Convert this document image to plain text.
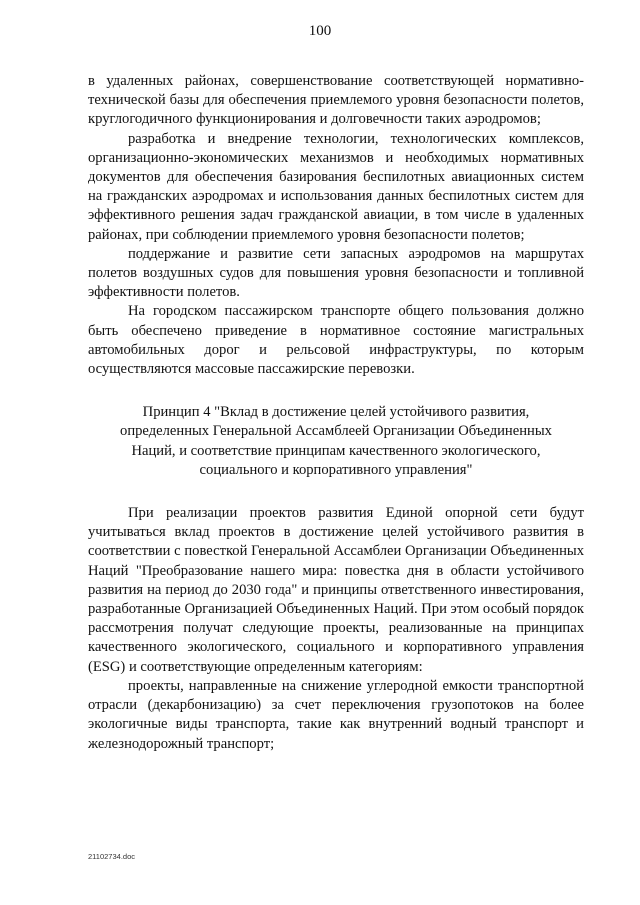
100

в удаленных районах, совершенствование соответствующей нормативно-технической базы для обеспечения приемлемого уровня безопасности полетов, круглогодичного функционирования и долговечности таких аэродромов;

разработка и внедрение технологии, технологических комплексов, организационно-экономических механизмов и необходимых нормативных документов для обеспечения базирования беспилотных авиационных систем на гражданских аэродромах и использования данных беспилотных систем для эффективного решения задач гражданской авиации, в том числе в удаленных районах, при соблюдении приемлемого уровня безопасности полетов;

поддержание и развитие сети запасных аэродромов на маршрутах полетов воздушных судов для повышения уровня безопасности и топливной эффективности полетов.

На городском пассажирском транспорте общего пользования должно быть обеспечено приведение в нормативное состояние магистральных автомобильных дорог и рельсовой инфраструктуры, по которым осуществляются массовые пассажирские перевозки.

Принцип 4 "Вклад в достижение целей устойчивого развития,
определенных Генеральной Ассамблеей Организации Объединенных
Наций, и соответствие принципам качественного экологического,
социального и корпоративного управления"

При реализации проектов развития Единой опорной сети будут учитываться вклад проектов в достижение целей устойчивого развития в соответствии с повесткой Генеральной Ассамблеи Организации Объединенных Наций "Преобразование нашего мира: повестка дня в области устойчивого развития на период до 2030 года" и принципы ответственного инвестирования, разработанные Организацией Объединенных Наций. При этом особый порядок рассмотрения получат следующие проекты, реализованные на принципах качественного экологического, социального и корпоративного управления (ESG) и соответствующие определенным категориям:

проекты, направленные на снижение углеродной емкости транспортной отрасли (декарбонизацию) за счет переключения грузопотоков на более экологичные виды транспорта, такие как внутренний водный транспорт и железнодорожный транспорт;

21102734.doc
